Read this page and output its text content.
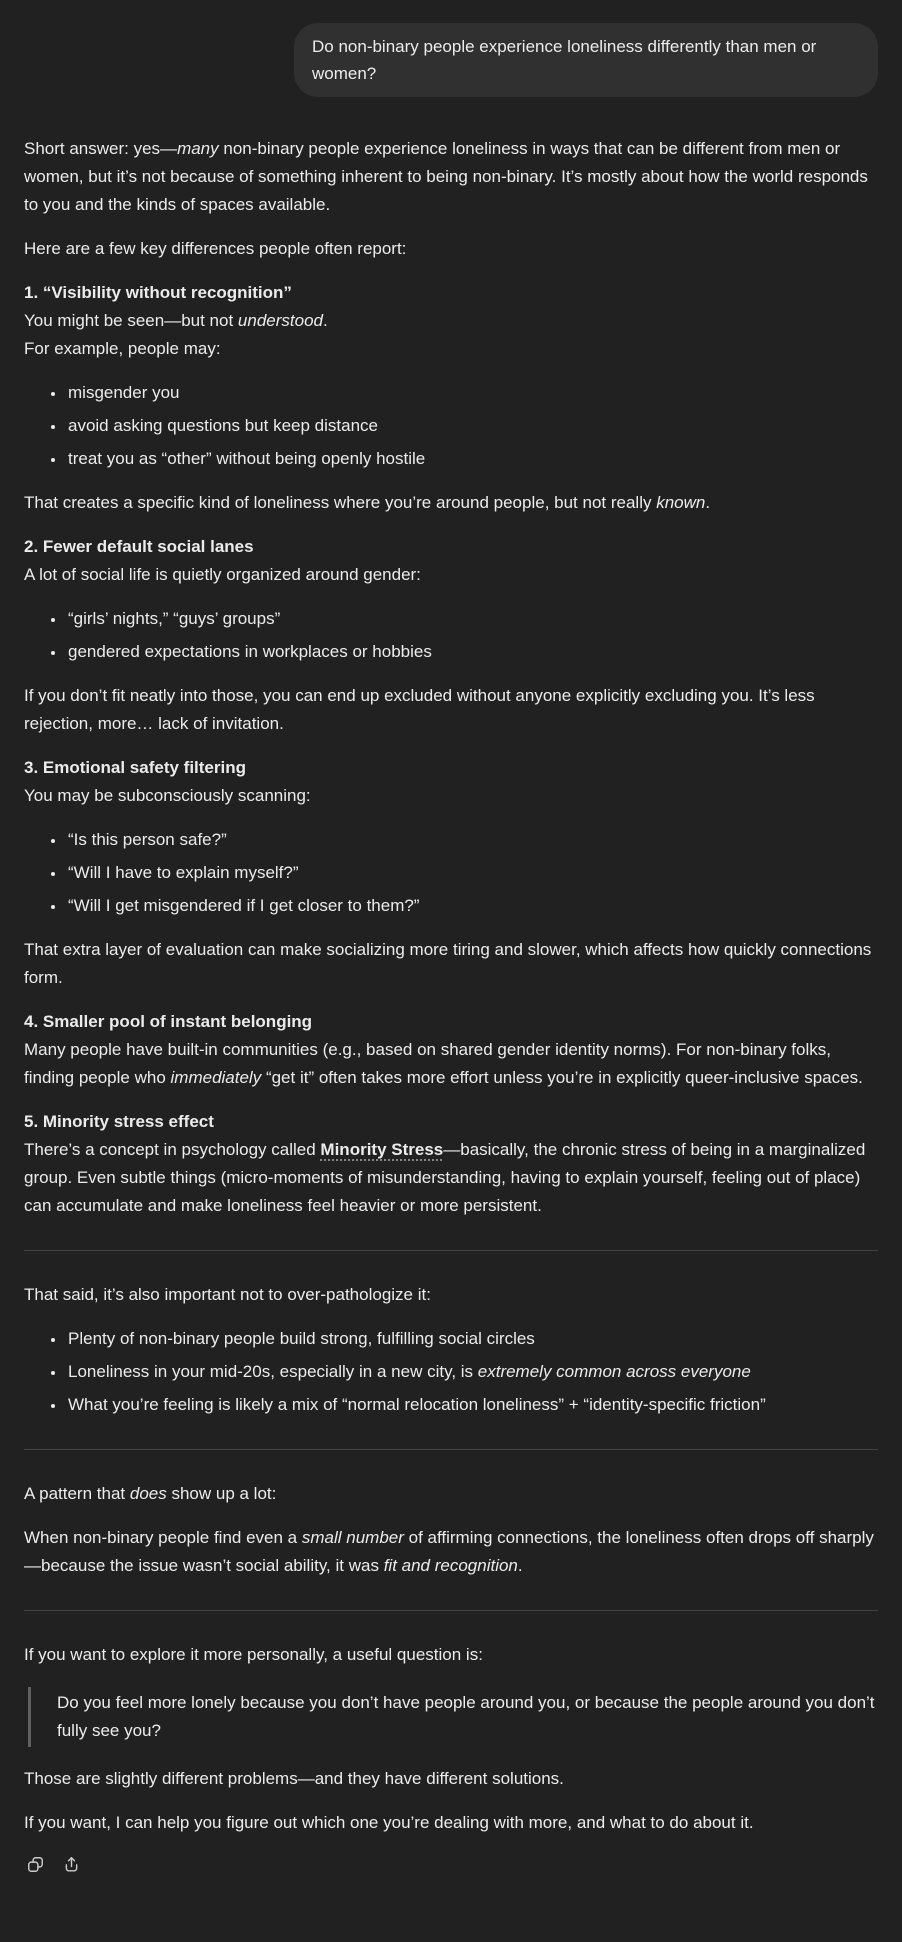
Do non-binary people experience loneliness differently than men or women?

Short answer: yes—many non-binary people experience loneliness in ways that can be different from men or women, but it’s not because of something inherent to being non-binary. It’s mostly about how the world responds to you and the kinds of spaces available.

Here are a few key differences people often report:

1. “Visibility without recognition”
You might be seen—but not understood.
For example, people may:

• misgender you
• avoid asking questions but keep distance
• treat you as “other” without being openly hostile

That creates a specific kind of loneliness where you’re around people, but not really known.

2. Fewer default social lanes
A lot of social life is quietly organized around gender:

• “girls’ nights,” “guys’ groups”
• gendered expectations in workplaces or hobbies

If you don’t fit neatly into those, you can end up excluded without anyone explicitly excluding you. It’s less rejection, more… lack of invitation.

3. Emotional safety filtering
You may be subconsciously scanning:

• “Is this person safe?”
• “Will I have to explain myself?”
• “Will I get misgendered if I get closer to them?”

That extra layer of evaluation can make socializing more tiring and slower, which affects how quickly connections form.

4. Smaller pool of instant belonging
Many people have built-in communities (e.g., based on shared gender identity norms). For non-binary folks, finding people who immediately “get it” often takes more effort unless you’re in explicitly queer-inclusive spaces.

5. Minority stress effect
There’s a concept in psychology called Minority Stress—basically, the chronic stress of being in a marginalized group. Even subtle things (micro-moments of misunderstanding, having to explain yourself, feeling out of place) can accumulate and make loneliness feel heavier or more persistent.

That said, it’s also important not to over-pathologize it:

• Plenty of non-binary people build strong, fulfilling social circles
• Loneliness in your mid-20s, especially in a new city, is extremely common across everyone
• What you’re feeling is likely a mix of “normal relocation loneliness” + “identity-specific friction”

A pattern that does show up a lot:

When non-binary people find even a small number of affirming connections, the loneliness often drops off sharply—because the issue wasn’t social ability, it was fit and recognition.

If you want to explore it more personally, a useful question is:

Do you feel more lonely because you don’t have people around you, or because the people around you don’t fully see you?

Those are slightly different problems—and they have different solutions.

If you want, I can help you figure out which one you’re dealing with more, and what to do about it.
